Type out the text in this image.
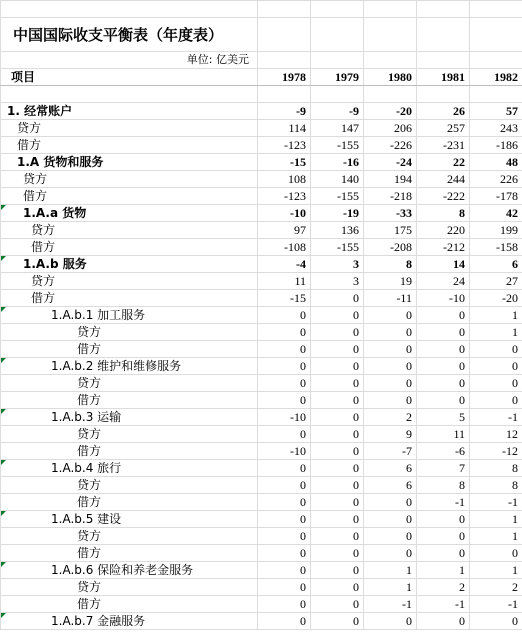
中国国际收支平衡表（年度表）					
单位: 亿美元					
项目	1978	1979	1980	1981	1982

1. 经常账户	-9	-9	-20	26	57
贷方	114	147	206	257	243
借方	-123	-155	-226	-231	-186
1.A 货物和服务	-15	-16	-24	22	48
贷方	108	140	194	244	226
借方	-123	-155	-218	-222	-178
1.A.a 货物	-10	-19	-33	8	42
贷方	97	136	175	220	199
借方	-108	-155	-208	-212	-158
1.A.b 服务	-4	3	8	14	6
贷方	11	3	19	24	27
借方	-15	0	-11	-10	-20
1.A.b.1 加工服务	0	0	0	0	1
贷方	0	0	0	0	1
借方	0	0	0	0	0
1.A.b.2 维护和维修服务	0	0	0	0	0
贷方	0	0	0	0	0
借方	0	0	0	0	0
1.A.b.3 运输	-10	0	2	5	-1
贷方	0	0	9	11	12
借方	-10	0	-7	-6	-12
1.A.b.4 旅行	0	0	6	7	8
贷方	0	0	6	8	8
借方	0	0	0	-1	-1
1.A.b.5 建设	0	0	0	0	1
贷方	0	0	0	0	1
借方	0	0	0	0	0
1.A.b.6 保险和养老金服务	0	0	1	1	1
贷方	0	0	1	2	2
借方	0	0	-1	-1	-1
1.A.b.7 金融服务	0	0	0	0	0
